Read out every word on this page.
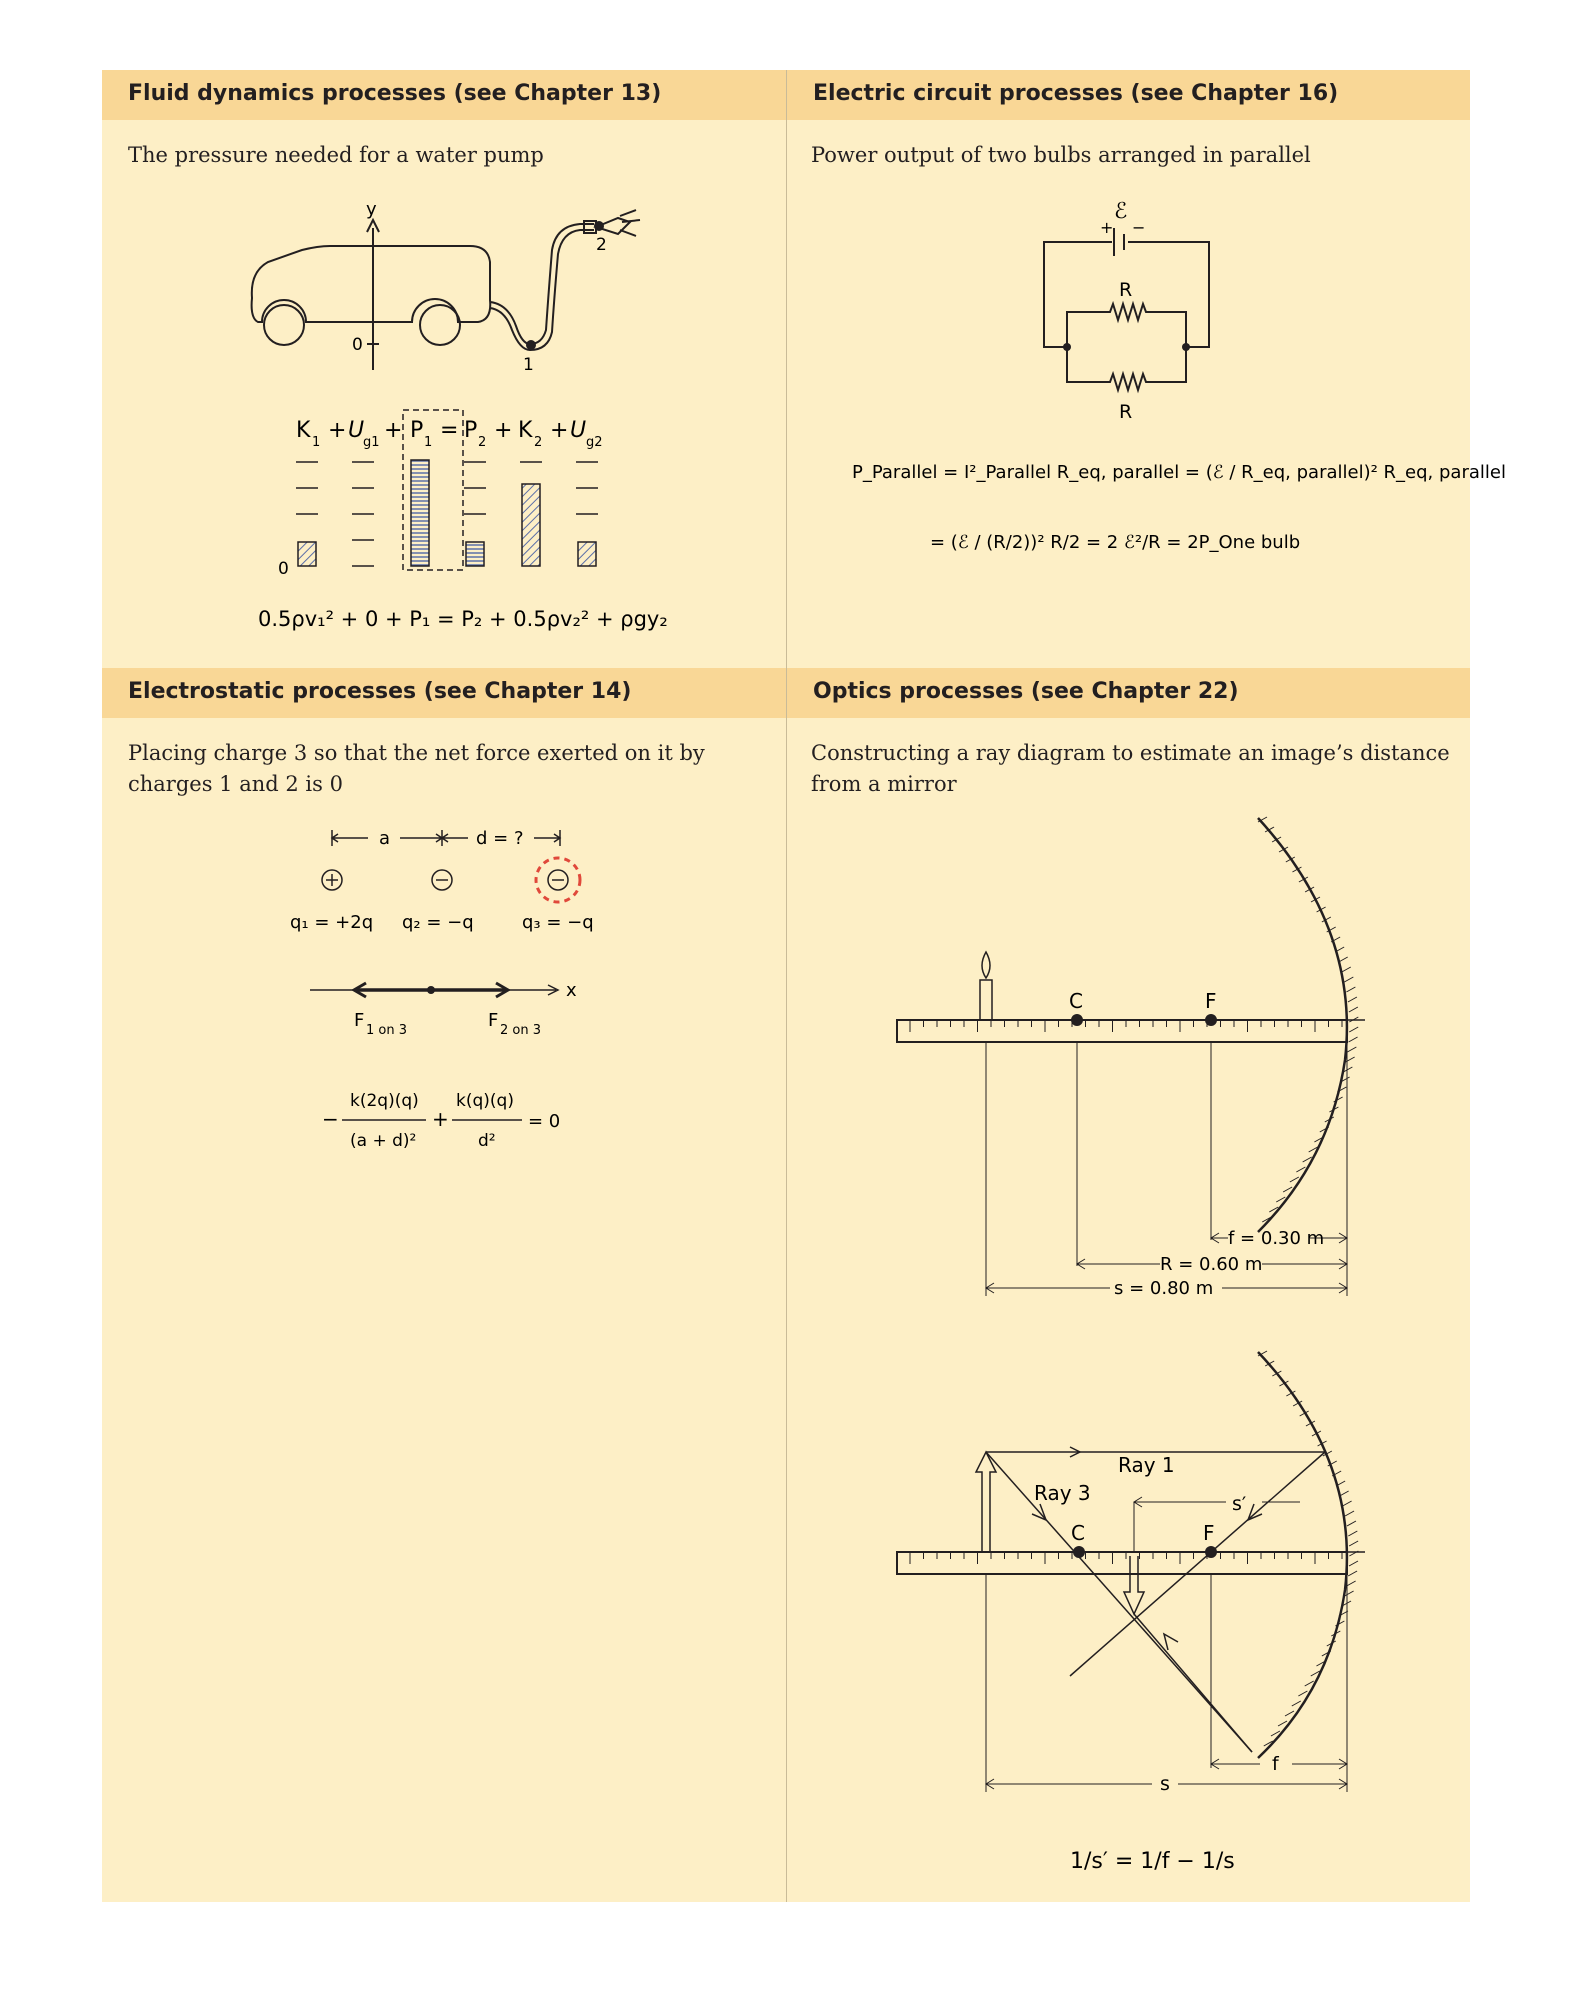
Fluid dynamics processes (see Chapter 13)	Electric circuit processes (see Chapter 16)
Electrostatic processes (see Chapter 14)	Optics processes (see Chapter 22)
The pressure needed for a water pump	Power output of two bulbs arranged in parallel
Placing charge 3 so that the net force exerted on it by charges 1 and 2 is 0
Constructing a ray diagram to estimate an image’s distance from a mirror
y
0
1
2
K 1 + U
g1 + P 1 = P 2 + K 2 + U g2
0
0.5ρv₁² + 0 + P₁ = P₂ + 0.5ρv₂² + ρgy₂
ℰ
+ −
R
R
P_Parallel = I²_Parallel R_eq, parallel = (ℰ / R_eq, parallel)² R_eq, parallel
= (ℰ / (R/2))² R/2 = 2 ℰ²/R = 2P_One bulb
a	d = ?
q₁ = +2q q₂ = −q	q₃ = −q
x
F 1 on 3	F 2 on 3
−
k(2q)(q)
(a + d)²
+
k(q)(q)
d²
= 0
C	F
f = 0.30 m
R = 0.60 m
s = 0.80 m
C	F
Ray 1
Ray 3	s′
s
f
1/s′ = 1/f − 1/s
